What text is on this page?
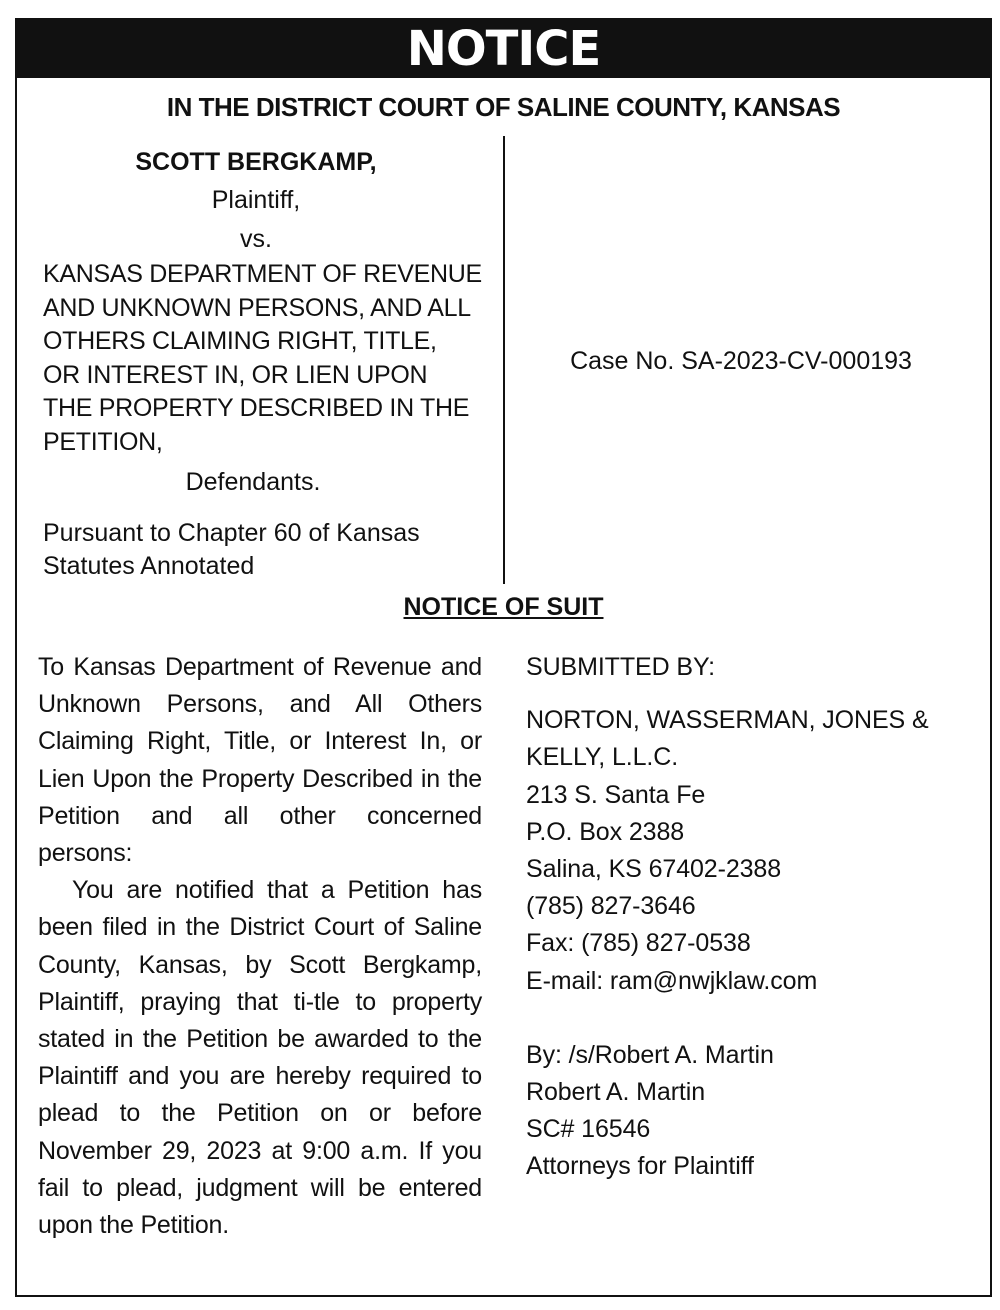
NOTICE
IN THE DISTRICT COURT OF SALINE COUNTY, KANSAS
SCOTT BERGKAMP,
Plaintiff,
vs.
KANSAS DEPARTMENT OF REVENUE
AND UNKNOWN PERSONS, AND ALL
OTHERS CLAIMING RIGHT, TITLE,
OR INTEREST IN, OR LIEN UPON
THE PROPERTY DESCRIBED IN THE
PETITION,
Defendants.
Pursuant to Chapter 60 of Kansas
Statutes Annotated
Case No. SA-2023-CV-000193
NOTICE OF SUIT

To Kansas Department of Revenue and Unknown Persons, and All Others Claiming Right, Title, or Interest In, or Lien Upon the Property Described in the Petition and all other concerned persons:

You are notified that a Petition has been filed in the District Court of Saline County, Kansas, by Scott Bergkamp, Plaintiff, praying that ti-tle to property stated in the Petition be awarded to the Plaintiff and you are hereby required to plead to the Petition on or before November 29, 2023 at 9:00 a.m. If you fail to plead, judgment will be entered upon the Petition.

SUBMITTED BY:
NORTON, WASSERMAN, JONES &
KELLY, L.L.C.
213 S. Santa Fe
P.O. Box 2388
Salina, KS 67402-2388
(785) 827-3646
Fax: (785) 827-0538
E-mail: ram@nwjklaw.com
By: /s/Robert A. Martin
Robert A. Martin
SC# 16546
Attorneys for Plaintiff
